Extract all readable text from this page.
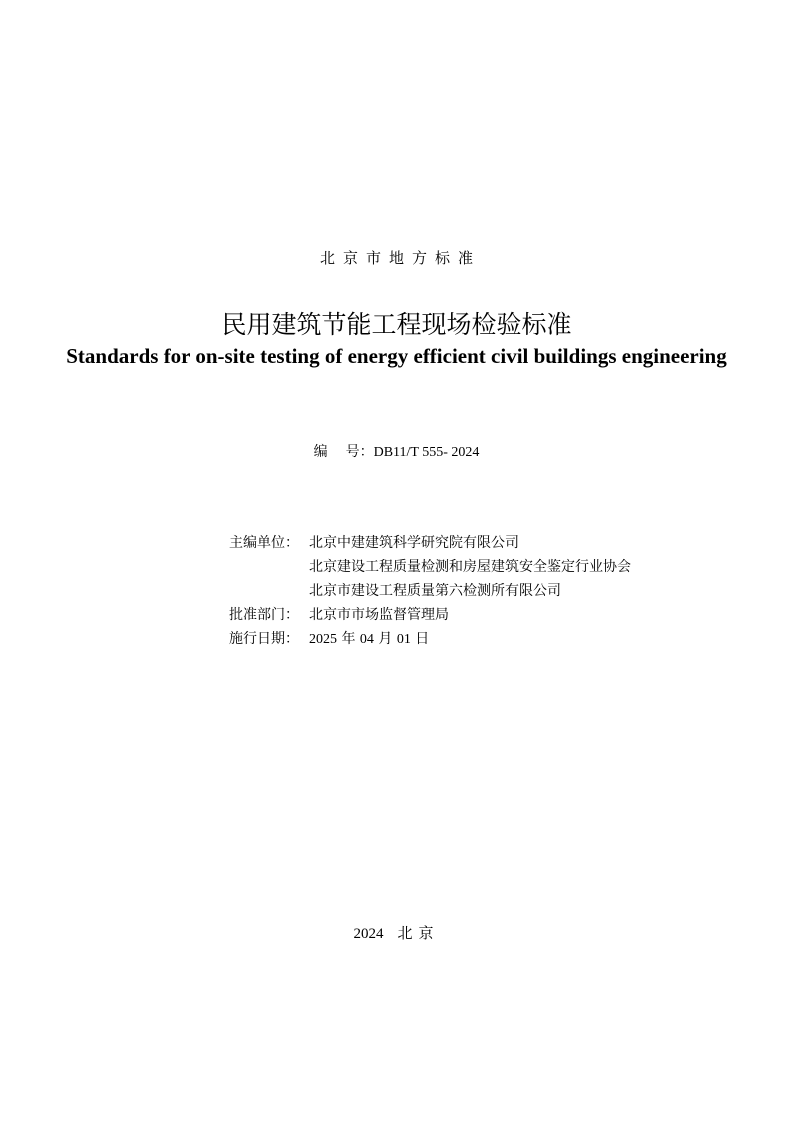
北京市地方标准
民用建筑节能工程现场检验标准
Standards for on-site testing of energy efficient civil buildings engineering
编 号：DB11/T 555- 2024
主编单位： 北京中建建筑科学研究院有限公司
北京建设工程质量检测和房屋建筑安全鉴定行业协会
北京市建设工程质量第六检测所有限公司
批准部门： 北京市市场监督管理局
施行日期： 2025 年 04 月 01 日
2024 北京
